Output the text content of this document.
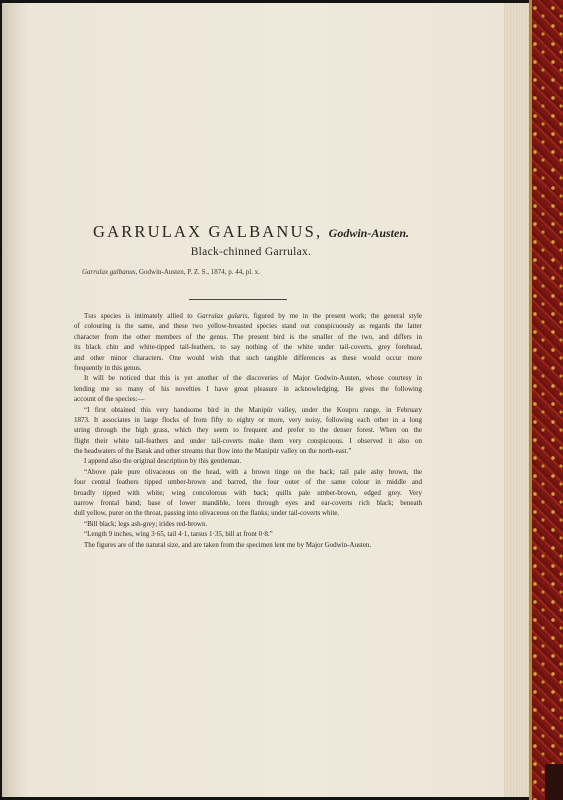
GARRULAX GALBANUS, Godwin-Austen.
Black-chinned Garrulax.
Garrulax galbanus, Godwin-Austen, P. Z. S., 1874, p. 44, pl. x.
This species is intimately allied to Garrulax gularis, figured by me in the present work; the general style
of colouring is the same, and these two yellow-breasted species stand out conspicuously as regards the latter
character from the other members of the genus. The present bird is the smaller of the two, and differs in
its black chin and white-tipped tail-feathers, to say nothing of the white under tail-coverts, grey forehead,
and other minor characters. One would wish that such tangible differences as these would occur more
frequently in this genus.
It will be noticed that this is yet another of the discoveries of Major Godwin-Austen, whose courtesy in
lending me so many of his novelties I have great pleasure in acknowledging. He gives the following
account of the species:—
“I first obtained this very handsome bird in the Manipúr valley, under the Koupru range, in February
1873. It associates in large flocks of from fifty to eighty or more, very noisy, following each other in a long
string through the high grass, which they seem to frequent and prefer to the denser forest. When on the
flight their white tail-feathers and under tail-coverts make them very conspicuous. I observed it also on
the headwaters of the Barak and other streams that flow into the Manipúr valley on the north-east.”
I append also the original description by this gentleman.
“Above pale pure olivaceous on the head, with a brown tinge on the back; tail pale ashy brown, the
four central feathers tipped umber-brown and barred, the four outer of the same colour in middle and
broadly tipped with white; wing concolorous with back; quills pale umber-brown, edged grey. Very
narrow frontal band; base of lower mandible, lores through eyes and ear-coverts rich black; beneath
dull yellow, purer on the throat, passing into olivaceous on the flanks; under tail-coverts white.
“Bill black; legs ash-grey; irides red-brown.
“Length 9 inches, wing 3·65, tail 4·1, tarsus 1·35, bill at front 0·8.”
The figures are of the natural size, and are taken from the specimen lent me by Major Godwin-Austen.
